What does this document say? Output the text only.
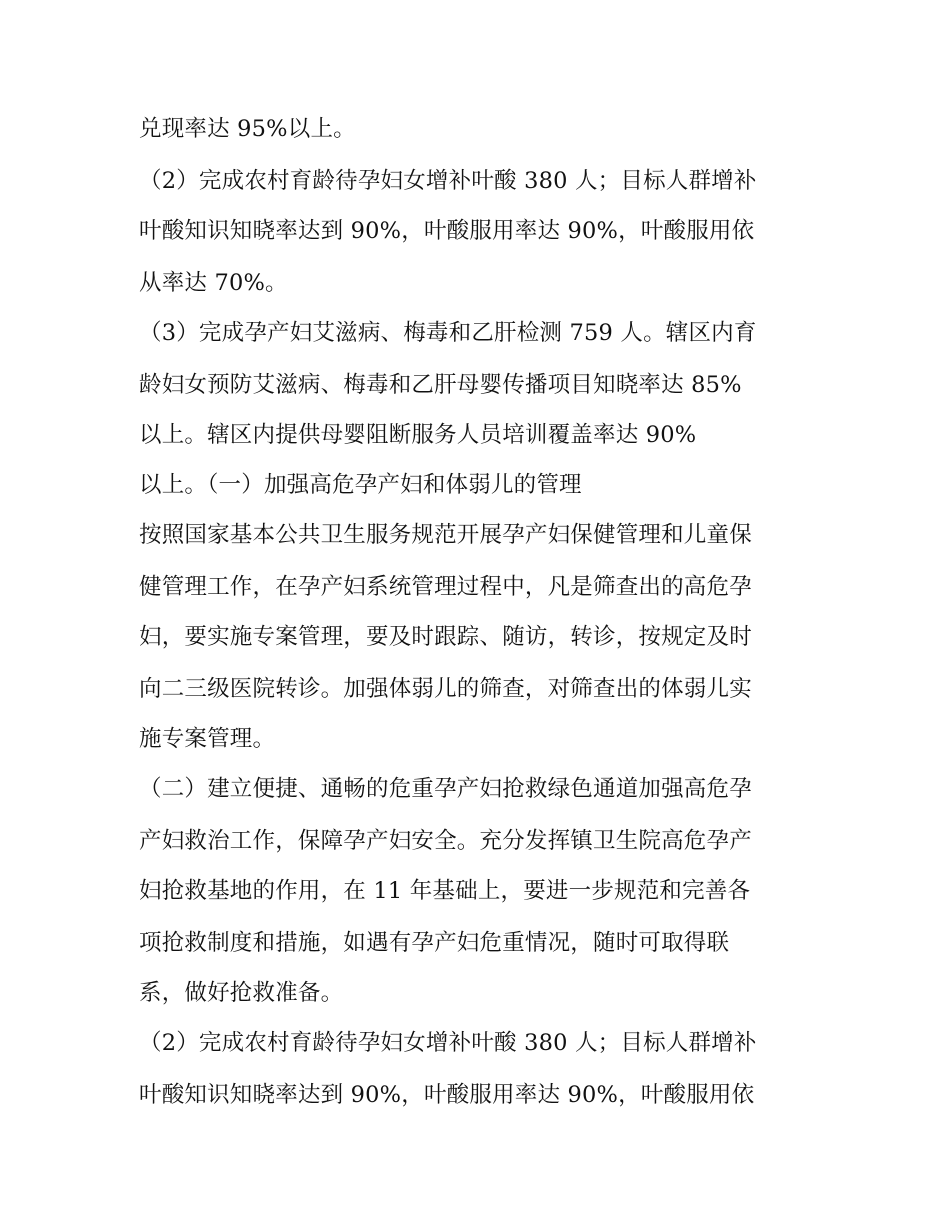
兑现率达 95%以上。
（2）完成农村育龄待孕妇女增补叶酸 380 人；目标人群增补
叶酸知识知晓率达到 90%，叶酸服用率达 90%，叶酸服用依
从率达 70%。
（3）完成孕产妇艾滋病、梅毒和乙肝检测 759 人。辖区内育
龄妇女预防艾滋病、梅毒和乙肝母婴传播项目知晓率达 85%
以上。辖区内提供母婴阻断服务人员培训覆盖率达 90%
以上。（一）加强高危孕产妇和体弱儿的管理
按照国家基本公共卫生服务规范开展孕产妇保健管理和儿童保
健管理工作，在孕产妇系统管理过程中，凡是筛查出的高危孕
妇，要实施专案管理，要及时跟踪、随访，转诊，按规定及时
向二三级医院转诊。加强体弱儿的筛查，对筛查出的体弱儿实
施专案管理。
（二）建立便捷、通畅的危重孕产妇抢救绿色通道加强高危孕
产妇救治工作，保障孕产妇安全。充分发挥镇卫生院高危孕产
妇抢救基地的作用，在 11 年基础上，要进一步规范和完善各
项抢救制度和措施，如遇有孕产妇危重情况，随时可取得联
系，做好抢救准备。
（2）完成农村育龄待孕妇女增补叶酸 380 人；目标人群增补
叶酸知识知晓率达到 90%，叶酸服用率达 90%，叶酸服用依
